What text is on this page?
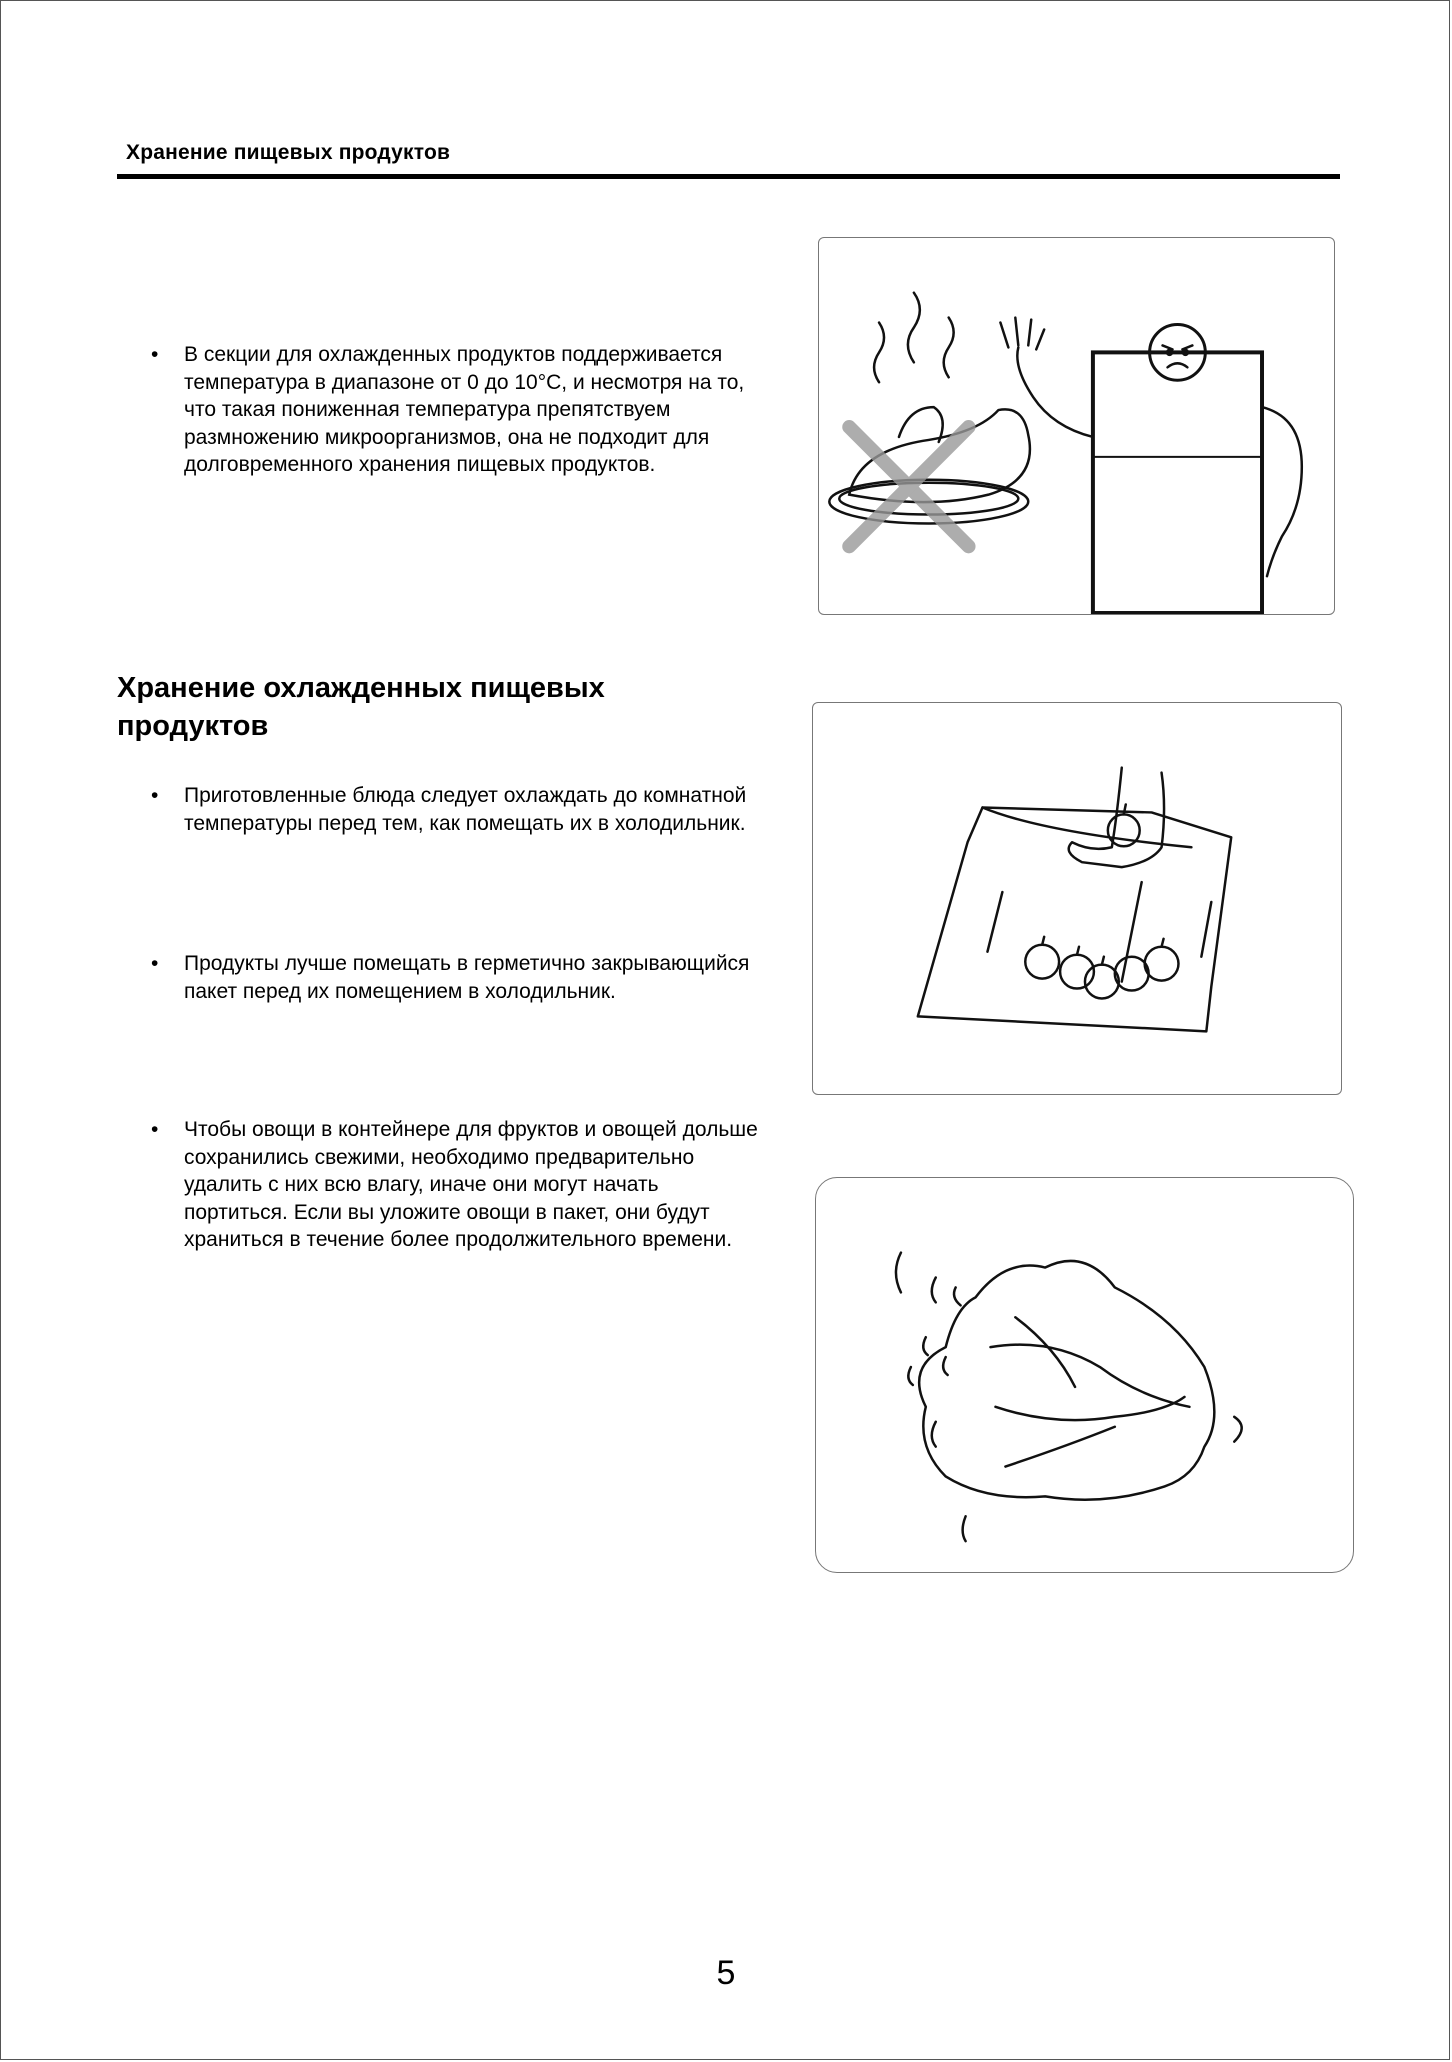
Хранение пищевых продуктов
• В секции для охлажденных продуктов поддерживается температура в диапазоне от 0 до 10°C, и несмотря на то, что такая пониженная температура препятствуем размножению микроорганизмов, она не подходит для долговременного хранения пищевых продуктов.
Хранение охлажденных пищевых продуктов
• Приготовленные блюда следует охлаждать до комнатной температуры перед тем, как помещать их в холодильник.
• Продукты лучше помещать в герметично закрывающийся пакет перед их помещением в холодильник.
• Чтобы овощи в контейнере для фруктов и овощей дольше сохранились свежими, необходимо предварительно удалить с них всю влагу, иначе они могут начать портиться. Если вы уложите овощи в пакет, они будут храниться в течение более продолжительного времени.
5
